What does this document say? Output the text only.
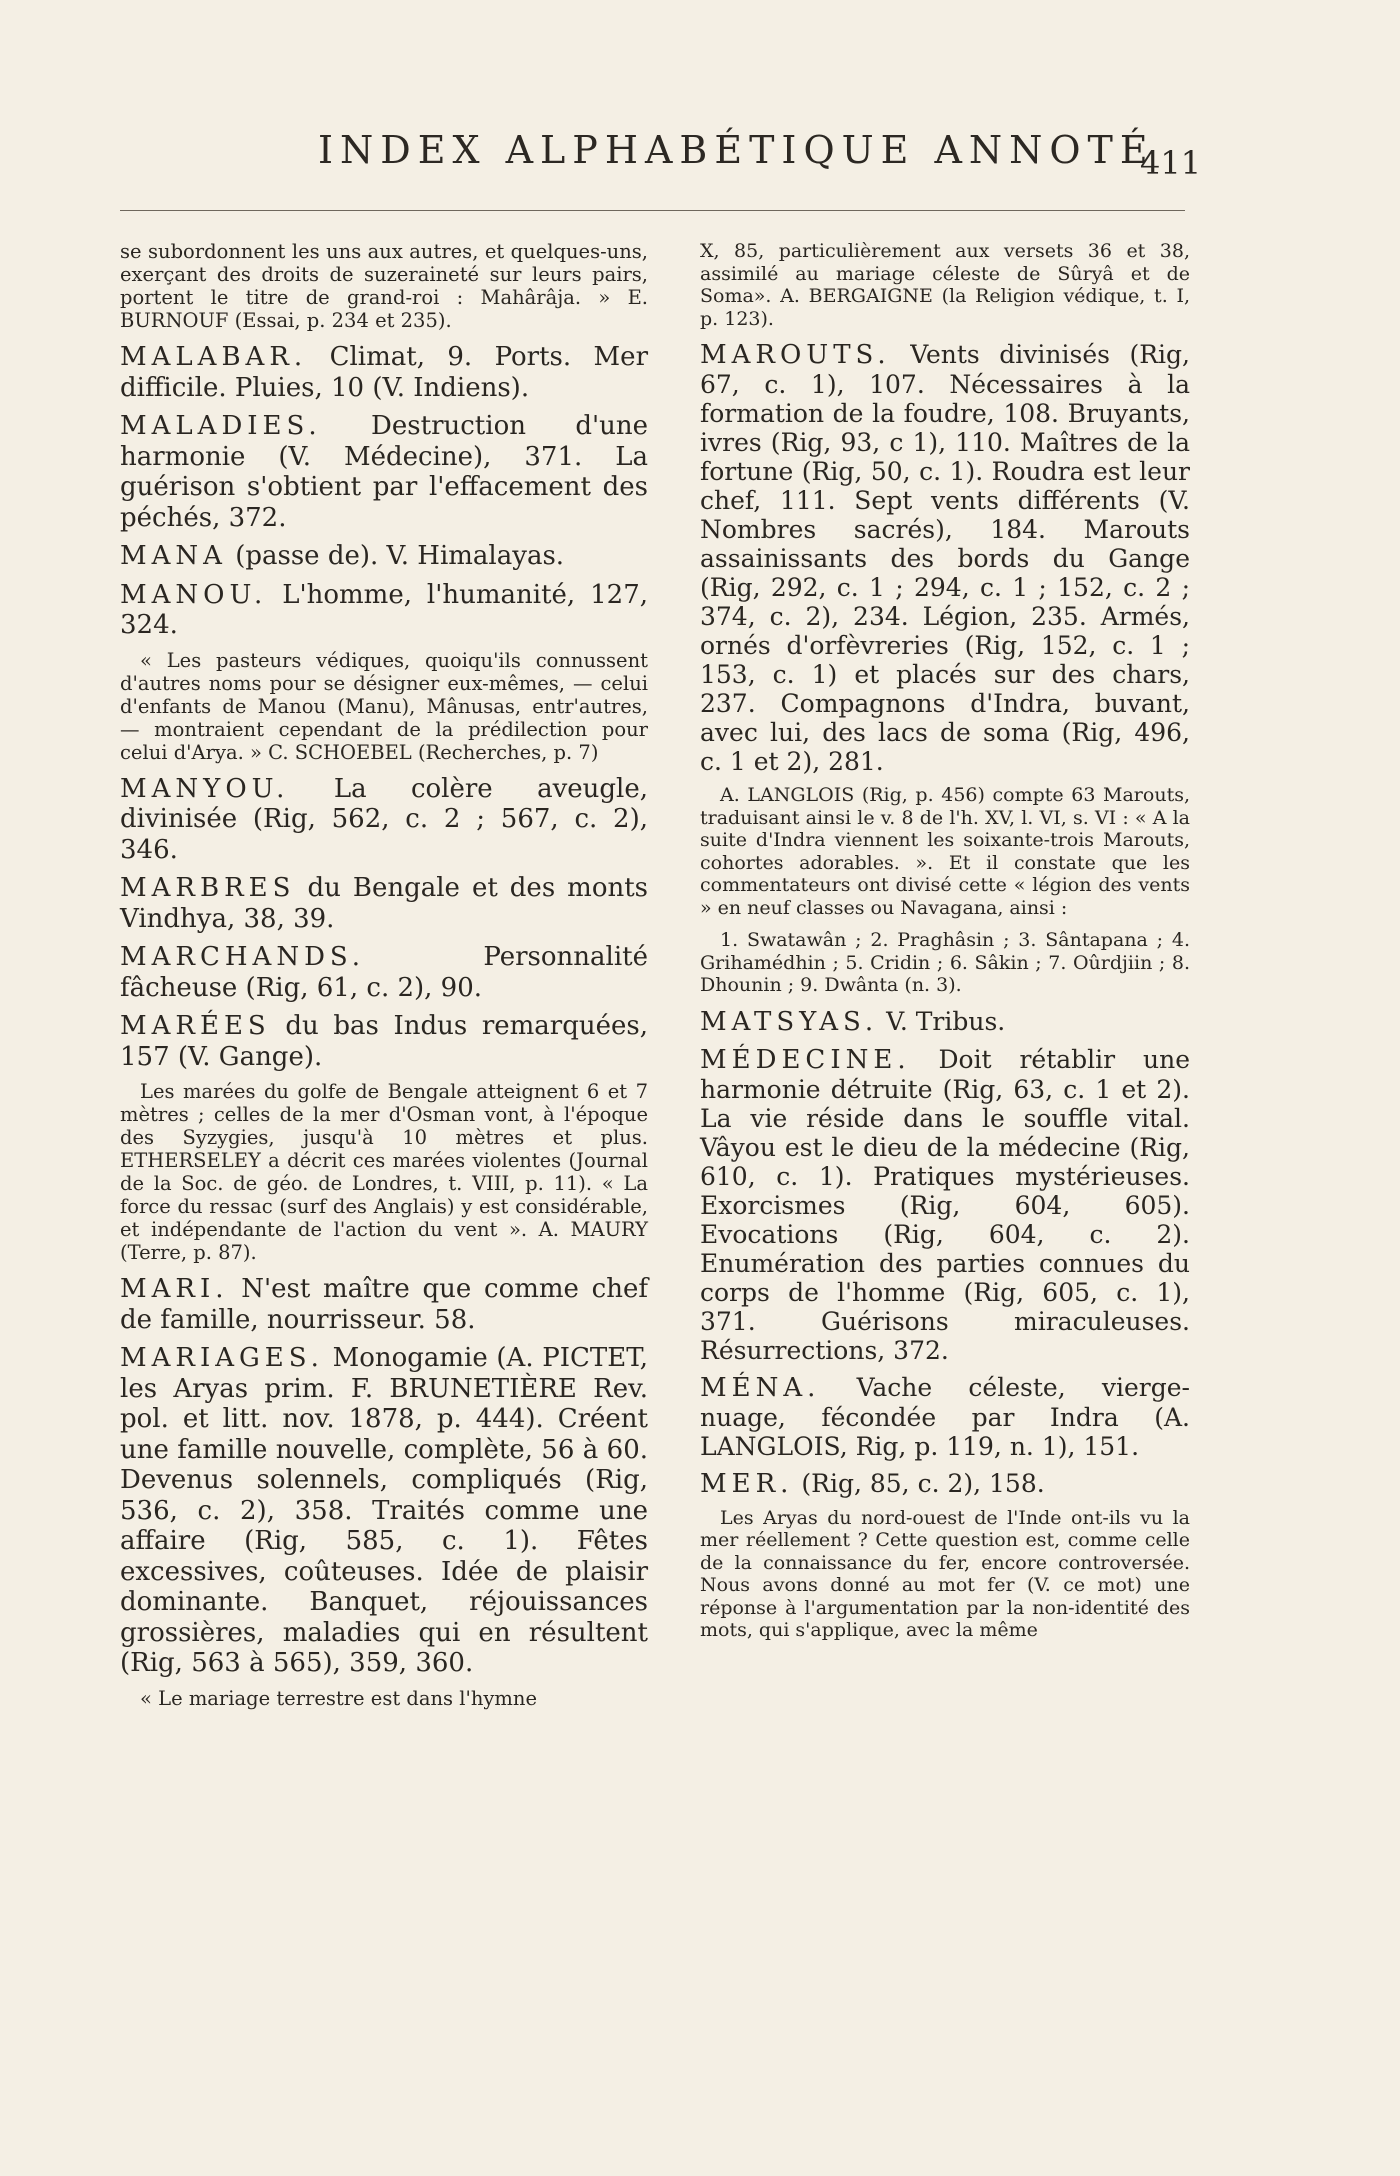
INDEX ALPHABÉTIQUE ANNOTÉ
411

se subordonnent les uns aux autres, et quelques-uns, exerçant des droits de suzeraineté sur leurs pairs, portent le titre de grand-roi : Mahârâja. » E. BURNOUF (Essai, p. 234 et 235).

MALABAR. Climat, 9. Ports. Mer difficile. Pluies, 10 (V. Indiens).

MALADIES. Destruction d'une harmonie (V. Médecine), 371. La guérison s'obtient par l'effacement des péchés, 372.

MANA (passe de). V. Himalayas.

MANOU. L'homme, l'humanité, 127, 324.

« Les pasteurs védiques, quoiqu'ils connussent d'autres noms pour se désigner eux-mêmes, — celui d'enfants de Manou (Manu), Mânusas, entr'autres, — montraient cependant de la prédilection pour celui d'Arya. » C. SCHOEBEL (Recherches, p. 7)

MANYOU. La colère aveugle, divinisée (Rig, 562, c. 2 ; 567, c. 2), 346.

MARBRES du Bengale et des monts Vindhya, 38, 39.

MARCHANDS.	Personnalité fâcheuse (Rig, 61, c. 2), 90.

MARÉES du bas Indus remarquées, 157 (V. Gange).

Les marées du golfe de Bengale atteignent 6 et 7 mètres ; celles de la mer d'Osman vont, à l'époque des Syzygies, jusqu'à 10 mètres et plus. ETHERSELEY a décrit ces marées violentes (Journal de la Soc. de géo. de Londres, t. VIII, p. 11). « La force du ressac (surf des Anglais) y est considérable, et indépendante de l'action du vent ». A. MAURY (Terre, p. 87).

MARI. N'est maître que comme chef de famille, nourrisseur. 58.

MARIAGES. Monogamie (A. PICTET, les Aryas prim. F. BRUNETIÈRE Rev. pol. et litt. nov. 1878, p. 444). Créent une famille nouvelle, complète, 56 à 60. Devenus solennels, compliqués (Rig, 536, c. 2), 358. Traités comme une affaire (Rig, 585, c. 1). Fêtes excessives, coûteuses. Idée de plaisir dominante. Banquet, réjouissances grossières, maladies qui en résultent (Rig, 563 à 565), 359, 360.

« Le mariage terrestre est dans l'hymne

X, 85, particulièrement aux versets 36 et 38, assimilé au mariage céleste de Sûryâ et de Soma». A. BERGAIGNE (la Religion védique, t. I, p. 123).

MAROUTS. Vents divinisés (Rig, 67, c. 1), 107. Nécessaires à la formation de la foudre, 108. Bruyants, ivres (Rig, 93, c 1), 110. Maîtres de la fortune (Rig, 50, c. 1). Roudra est leur chef, 111. Sept vents différents (V. Nombres sacrés), 184. Marouts assainissants des bords du Gange (Rig, 292, c. 1 ; 294, c. 1 ; 152, c. 2 ; 374, c. 2), 234. Légion, 235. Armés, ornés d'orfèvreries (Rig, 152, c. 1 ; 153, c. 1) et placés sur des chars, 237. Compagnons d'Indra, buvant, avec lui, des lacs de soma (Rig, 496, c. 1 et 2), 281.

A. LANGLOIS (Rig, p. 456) compte 63 Marouts, traduisant ainsi le v. 8 de l'h. XV, l. VI, s. VI : « A la suite d'Indra viennent les soixante-trois Marouts, cohortes adorables. ». Et il constate que les commentateurs ont divisé cette « légion des vents » en neuf classes ou Navagana, ainsi :

1. Swatawân ; 2. Praghâsin ; 3. Sântapana ; 4. Grihamédhin ; 5. Cridin ; 6. Sâkin ; 7. Oûrdjiin ; 8. Dhounin ; 9. Dwânta (n. 3).

MATSYAS. V. Tribus.

MÉDECINE. Doit rétablir une harmonie détruite (Rig, 63, c. 1 et 2). La vie réside dans le souffle vital. Vâyou est le dieu de la médecine (Rig, 610, c. 1). Pratiques mystérieuses. Exorcismes (Rig, 604, 605). Evocations (Rig, 604, c. 2). Enumération des parties connues du corps de l'homme (Rig, 605, c. 1), 371. Guérisons miraculeuses. Résurrections, 372.

MÉNA. Vache céleste, vierge-nuage, fécondée par Indra (A. LANGLOIS, Rig, p. 119, n. 1), 151.

MER. (Rig, 85, c. 2), 158.

Les Aryas du nord-ouest de l'Inde ont-ils vu la mer réellement ? Cette question est, comme celle de la connaissance du fer, encore controversée. Nous avons donné au mot fer (V. ce mot) une réponse à l'argumentation par la non-identité des mots, qui s'applique, avec la même
